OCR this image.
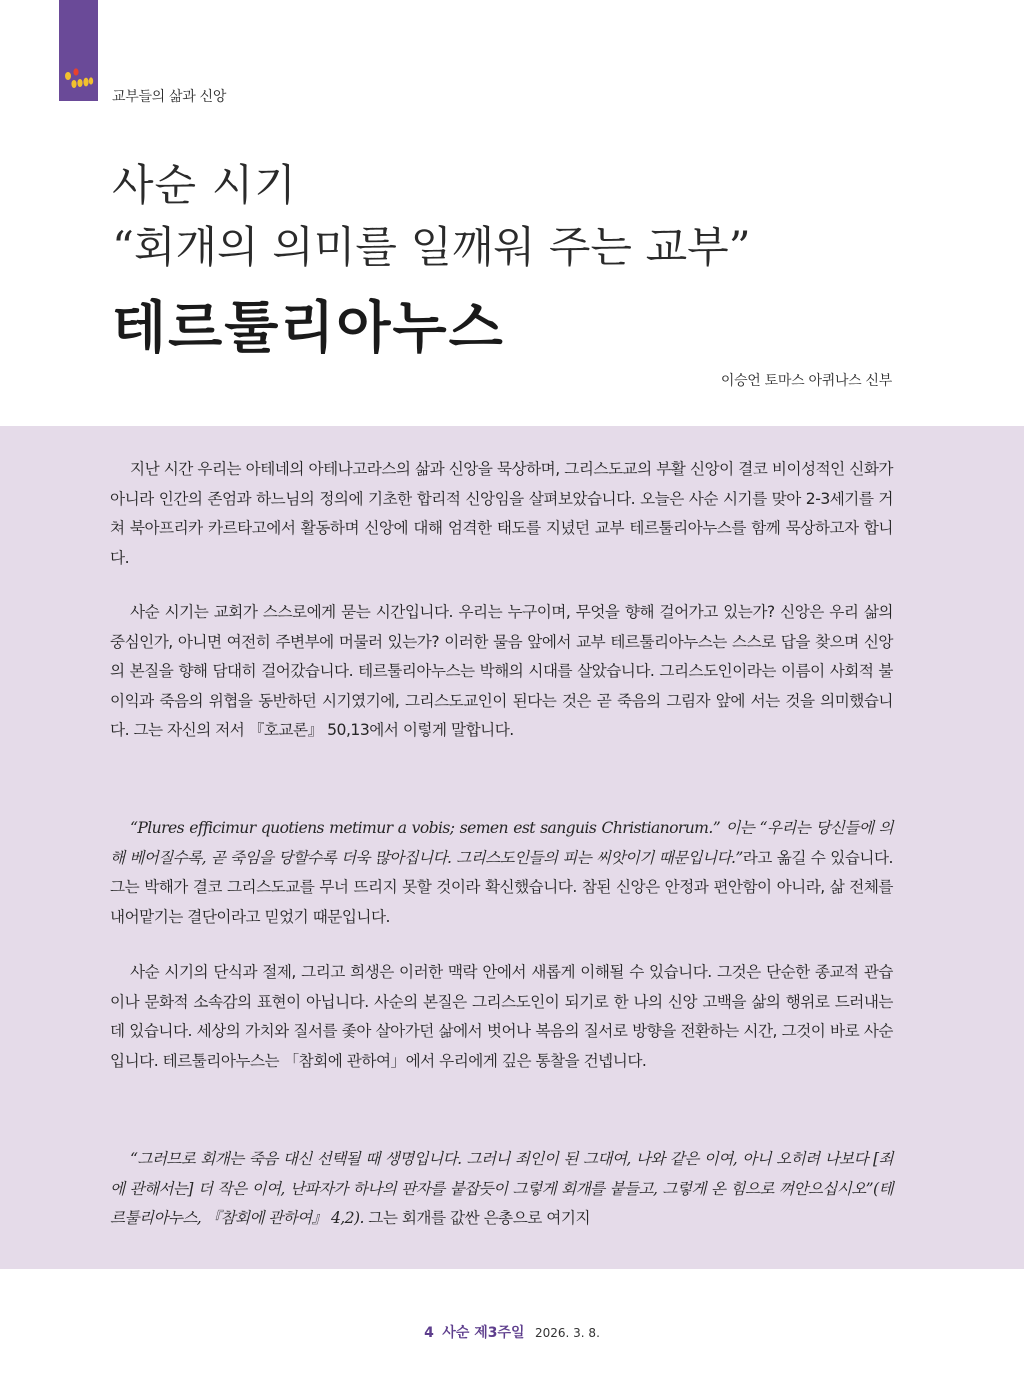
교부들의 삶과 신앙
사순 시기
“회개의 의미를 일깨워 주는 교부”
테르툴리아누스
이승언 토마스 아퀴나스 신부

지난 시간 우리는 아테네의 아테나고라스의 삶과 신앙을 묵상하며, 그리스도교의 부활 신앙이 결코 비이성적인 신화가 아니라 인간의 존엄과 하느님의 정의에 기초한 합리적 신앙임을 살펴보았습니다. 오늘은 사순 시기를 맞아 2-3세기를 거쳐 북아프리카 카르타고에서 활동하며 신앙에 대해 엄격한 태도를 지녔던 교부 테르툴리아누스를 함께 묵상하고자 합니다.

사순 시기는 교회가 스스로에게 묻는 시간입니다. 우리는 누구이며, 무엇을 향해 걸어가고 있는가? 신앙은 우리 삶의 중심인가, 아니면 여전히 주변부에 머물러 있는가? 이러한 물음 앞에서 교부 테르툴리아누스는 스스로 답을 찾으며 신앙의 본질을 향해 담대히 걸어갔습니다. 테르툴리아누스는 박해의 시대를 살았습니다. 그리스도인이라는 이름이 사회적 불이익과 죽음의 위협을 동반하던 시기였기에, 그리스도교인이 된다는 것은 곧 죽음의 그림자 앞에 서는 것을 의미했습니다. 그는 자신의 저서 『호교론』 50,13에서 이렇게 말합니다.

“Plures efficimur quotiens metimur a vobis; semen est sanguis Christianorum.” 이는 “우리는 당신들에 의해 베어질수록, 곧 죽임을 당할수록 더욱 많아집니다. 그리스도인들의 피는 씨앗이기 때문입니다.”라고 옮길 수 있습니다. 그는 박해가 결코 그리스도교를 무너 뜨리지 못할 것이라 확신했습니다. 참된 신앙은 안정과 편안함이 아니라, 삶 전체를 내어맡기는 결단이라고 믿었기 때문입니다.

사순 시기의 단식과 절제, 그리고 희생은 이러한 맥락 안에서 새롭게 이해될 수 있습니다. 그것은 단순한 종교적 관습이나 문화적 소속감의 표현이 아닙니다. 사순의 본질은 그리스도인이 되기로 한 나의 신앙 고백을 삶의 행위로 드러내는 데 있습니다. 세상의 가치와 질서를 좇아 살아가던 삶에서 벗어나 복음의 질서로 방향을 전환하는 시간, 그것이 바로 사순입니다. 테르툴리아누스는 「참회에 관하여」에서 우리에게 깊은 통찰을 건넵니다.

“그러므로 회개는 죽음 대신 선택될 때 생명입니다. 그러니 죄인이 된 그대여, 나와 같은 이여, 아니 오히려 나보다 [죄에 관해서는] 더 작은 이여, 난파자가 하나의 판자를 붙잡듯이 그렇게 회개를 붙들고, 그렇게 온 힘으로 껴안으십시오”(테르툴리아누스, 『참회에 관하여』 4,2). 그는 회개를 값싼 은총으로 여기지

4 사순 제3주일 2026. 3. 8.
